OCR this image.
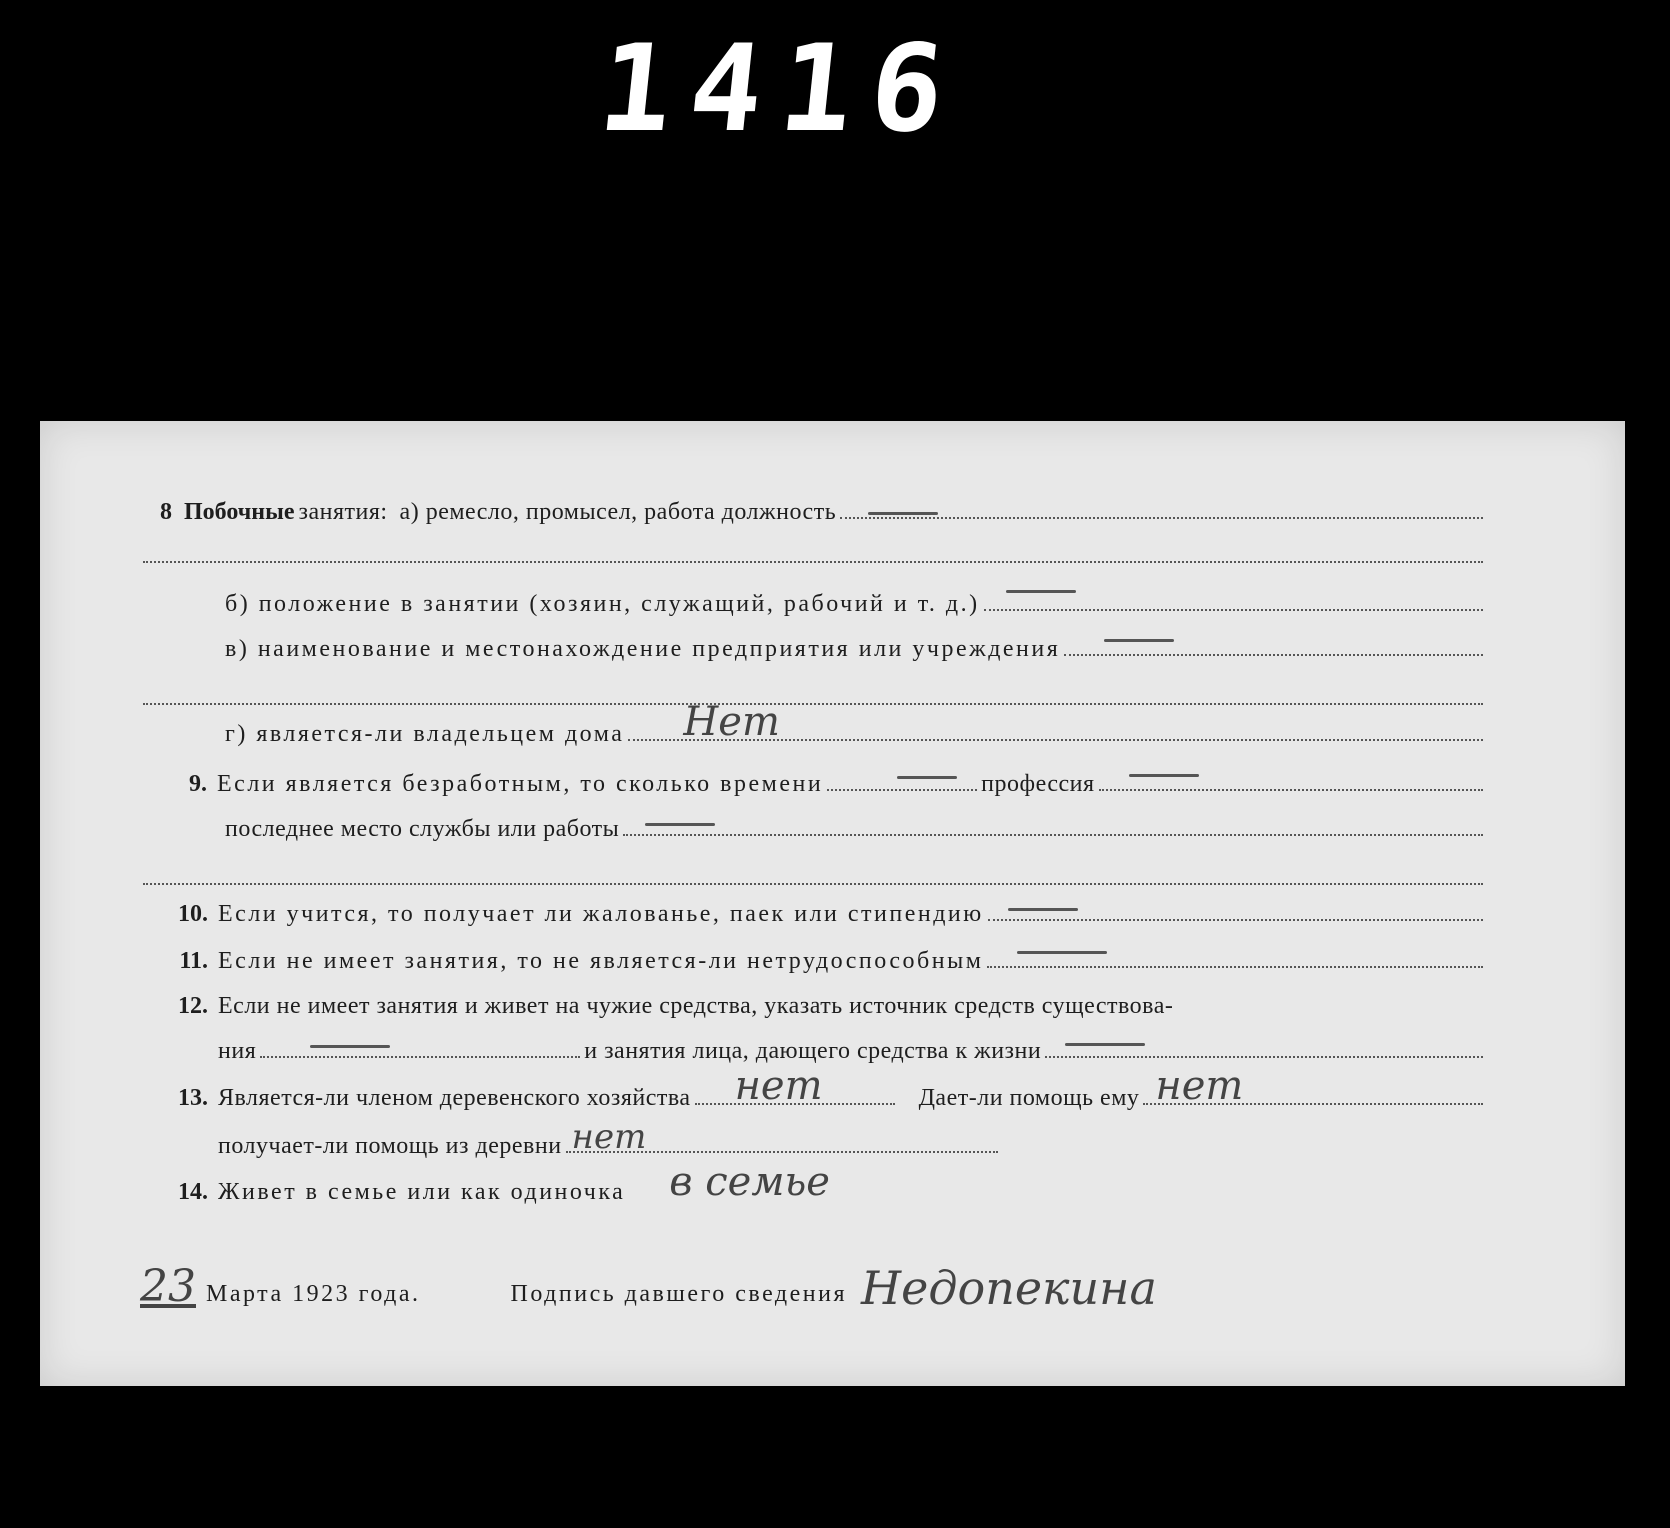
1416
8 Побочные занятия: а) ремесло, промысел, работа должность
б) положение в занятии (хозяин, служащий, рабочий и т. д.)
в) наименование и местонахождение предприятия или учреждения
г) является-ли владельцем дома Нет
9. Если является безработным, то сколько времени	профессия
последнее место службы или работы
10. Если учится, то получает ли жалованье, паек или стипендию
11. Если не имеет занятия, то не является-ли нетрудоспособным
12. Если не имеет занятия и живет на чужие средства, указать источник средств существова-
ния	и занятия лица, дающего средства к жизни
13. Является-ли членом деревенского хозяйства нет	Дает-ли помощь ему нет
получает-ли помощь из деревни нет
14. Живет в семье или как одиночка в семье
23 Марта 1923 года.	Подпись давшего сведения Недопекина
